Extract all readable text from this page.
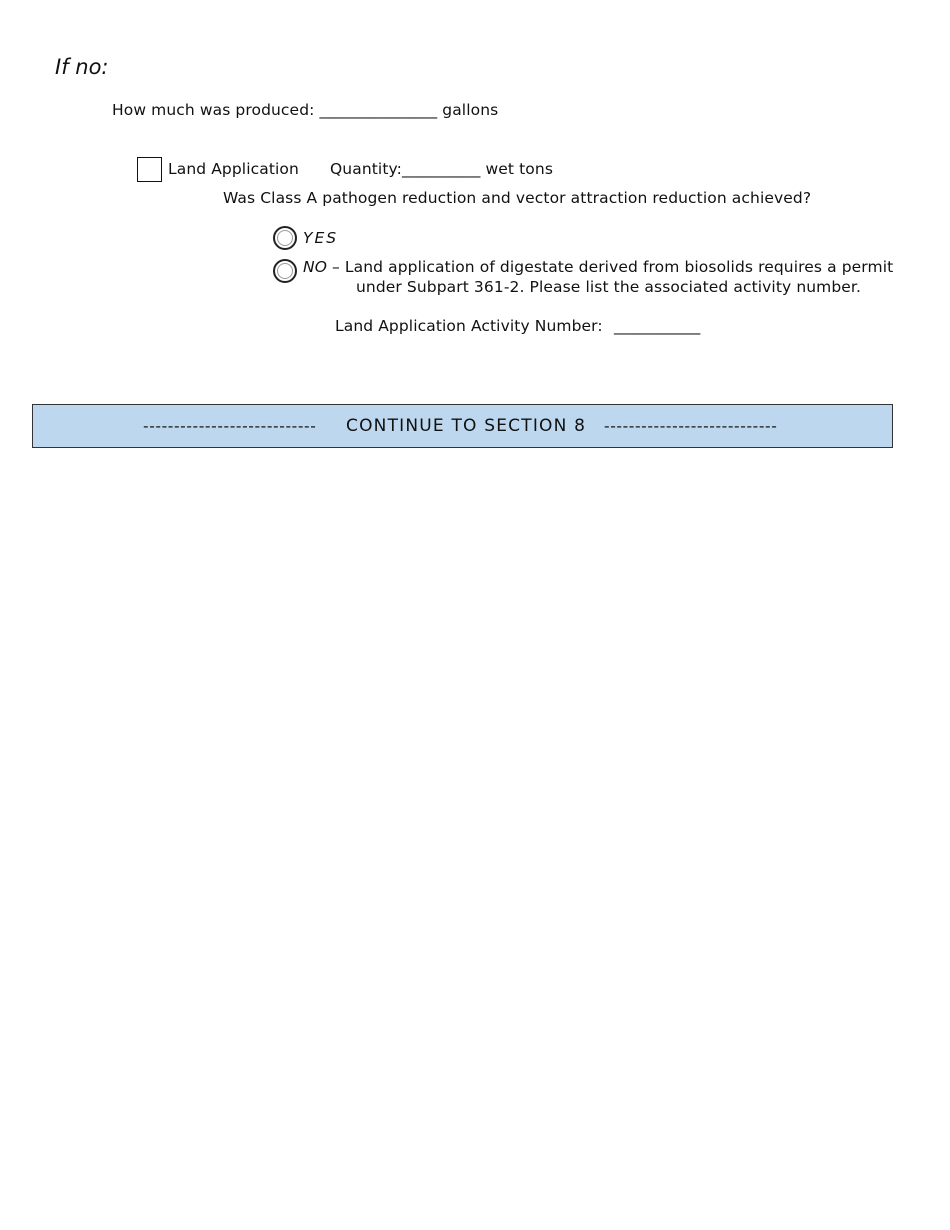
If no:
How much was produced: _______________ gallons
Land Application Quantity:__________ wet tons
Was Class A pathogen reduction and vector attraction reduction achieved?
YES
NO – Land application of digestate derived from biosolids requires a permit
under Subpart 361-2. Please list the associated activity number.
Land Application Activity Number: ___________
---------------------------- CONTINUE TO SECTION 8 ----------------------------
